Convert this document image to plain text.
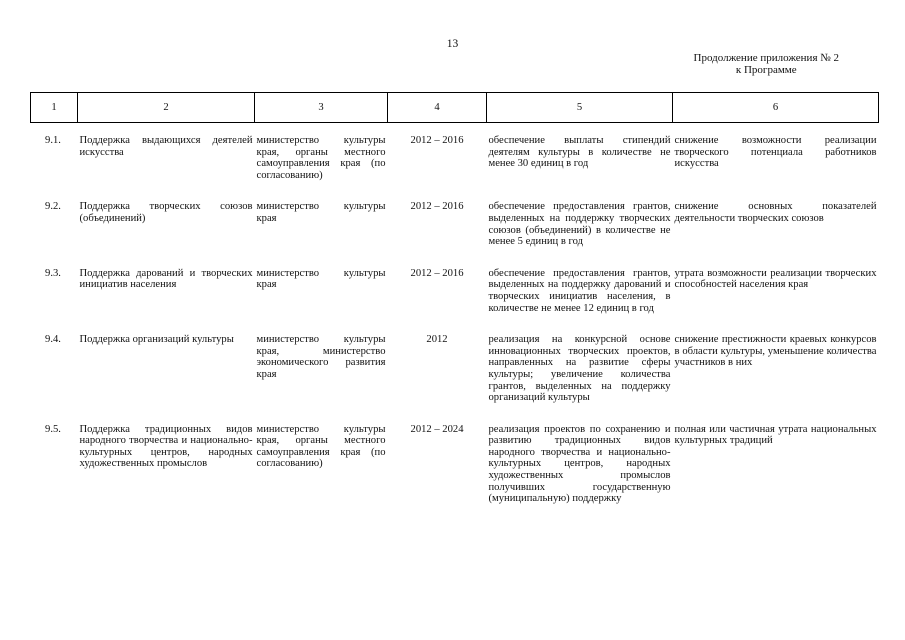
13
Продолжение приложения № 2
к Программе
1	2	3	4	5	6
9.1.	Поддержка выдающихся деятелей искусства	министерство культуры края, органы местного самоуправления края (по согласованию)	2012 – 2016	обеспечение выплаты стипендий деятелям культуры в количестве не менее 30 единиц в год	снижение возможности реализации творческого потенциала работников искусства

9.2.	Поддержка творческих союзов (объединений)	министерство культуры края	2012 – 2016	обеспечение предоставления грантов, выделенных на поддержку творческих союзов (объединений) в количестве не менее 5 единиц в год	снижение основных показателей деятельности творческих союзов

9.3.	Поддержка дарований и творческих инициатив населения	министерство культуры края	2012 – 2016	обеспечение предоставления грантов, выделенных на поддержку дарований и творческих инициатив населения, в количестве не менее 12 единиц в год	утрата возможности реализации творческих способностей населения края

9.4.	Поддержка организаций культуры	министерство культуры края, министерство экономического развития края	2012	реализация на конкурсной основе инновационных творческих проектов, направленных на развитие сферы культуры; увеличение количества грантов, выделенных на поддержку организаций культуры	снижение престижности краевых конкурсов в области культуры, уменьшение количества участников в них

9.5.	Поддержка традиционных видов народного творчества и национально-культурных центров, народных художественных промыслов	министерство культуры края, органы местного самоуправления края (по согласованию)	2012 – 2024	реализация проектов по сохранению и развитию традиционных видов народного творчества и национально-культурных центров, народных художественных промыслов получивших государственную (муниципальную) поддержку	полная или частичная утрата национальных культурных традиций
